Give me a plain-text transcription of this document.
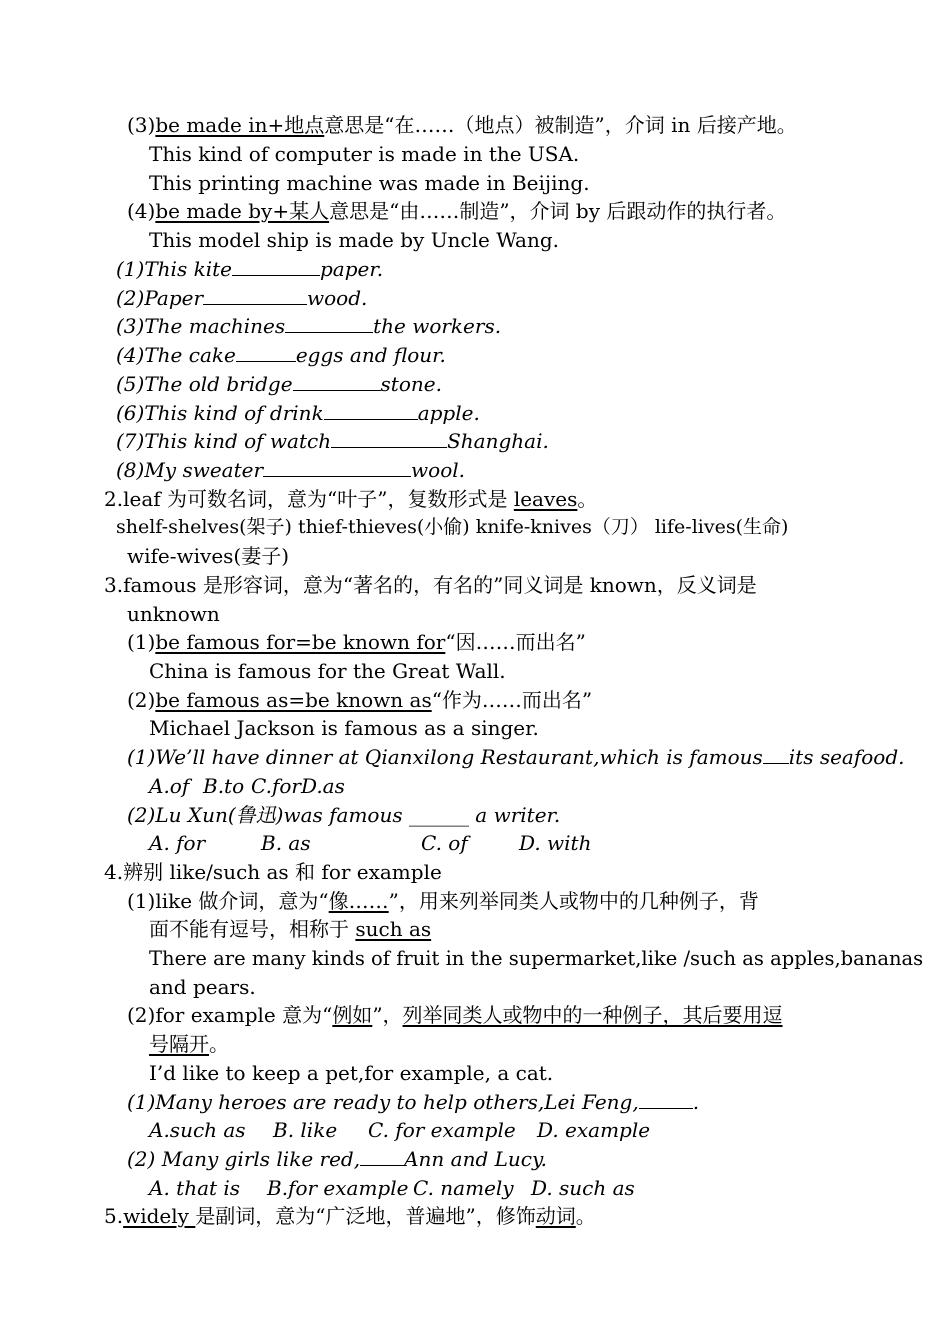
(3)be made in+地点意思是“在……（地点）被制造”，介词 in 后接产地。
This kind of computer is made in the USA.
This printing machine was made in Beijing.
(4)be made by+某人意思是“由……制造”，介词 by 后跟动作的执行者。
This model ship is made by Uncle Wang.
(1)This kite	paper.
(2)Paper	wood.
(3)The machines	the workers.
(4)The cake	eggs and flour.
(5)The old bridge	stone.
(6)This kind of drink	apple.
(7)This kind of watch	Shanghai.
(8)My sweater	wool.
2.leaf 为可数名词，意为“叶子”，复数形式是 leaves。
shelf-shelves(架子) thief-thieves(小偷) knife-knives（刀） life-lives(生命)
wife-wives(妻子)
3.famous 是形容词，意为“著名的，有名的”同义词是 known，反义词是
unknown
(1)be famous for=be known for“因……而出名”
China is famous for the Great Wall.
(2)be famous as=be known as“作为……而出名”
Michael Jackson is famous as a singer.
(1)We’ll have dinner at Qianxilong Restaurant,which is famous its seafood.
A.of B.to C.forD.as
(2)Lu Xun(鲁迅)was famous ______ a writer.
A. for	B. as	C. of	D. with
4.辨别 like/such as 和 for example
(1)like 做介词，意为“像……”，用来列举同类人或物中的几种例子，背
面不能有逗号，相称于 such as
There are many kinds of fruit in the supermarket,like /such as apples,bananas
and pears.
(2)for example 意为“例如”，列举同类人或物中的一种例子，其后要用逗
号隔开。
I’d like to keep a pet,for example, a cat.
(1)Many heroes are ready to help others,Lei Feng,	.
A.such as B. like C. for example D. example
(2) Many girls like red, Ann and Lucy.
A. that is B.for example C. namely D. such as
5.widely 是副词，意为“广泛地，普遍地”，修饰动词。
